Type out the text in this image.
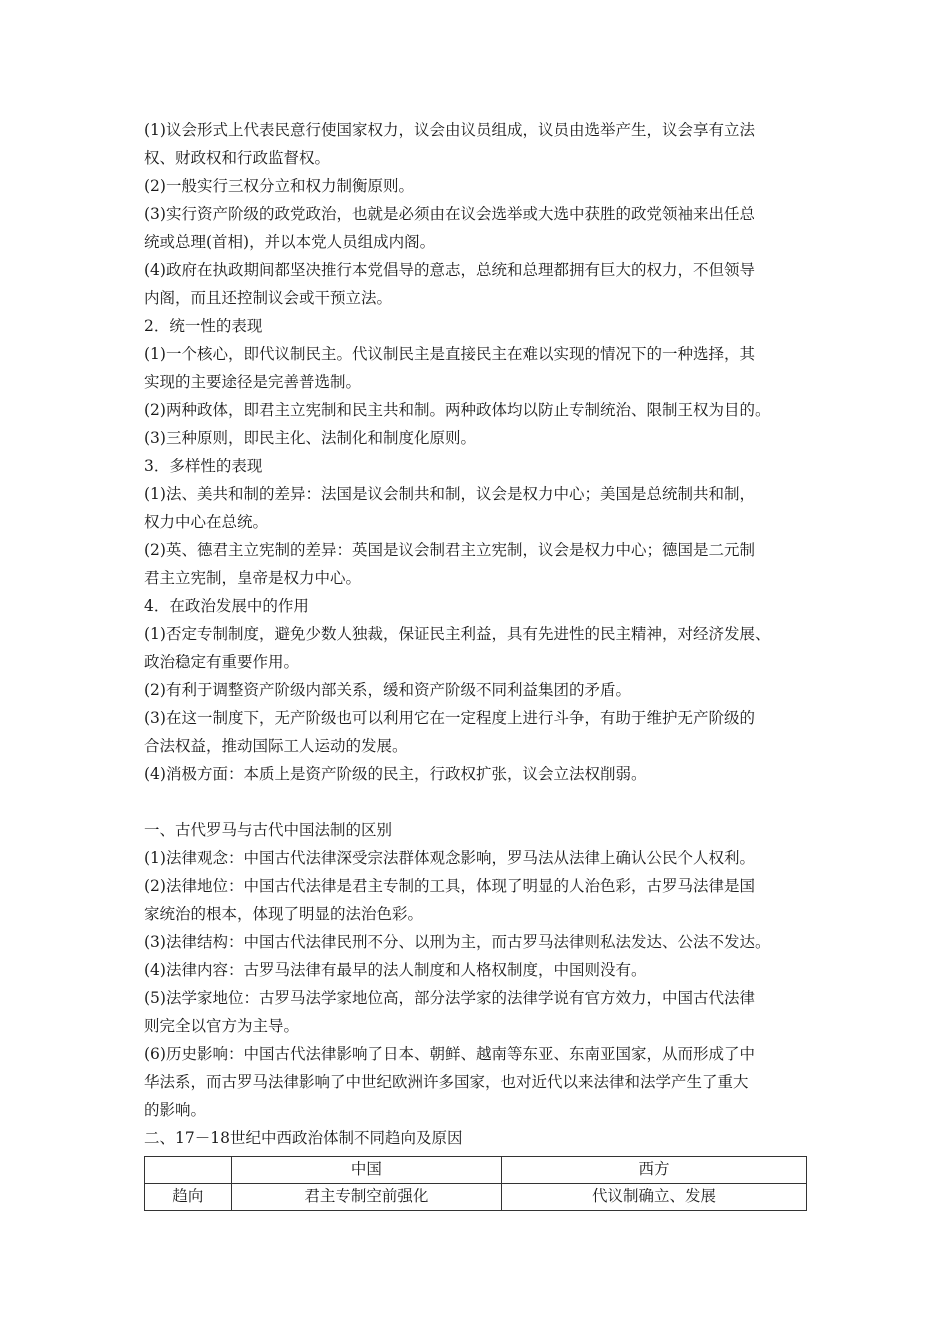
(1)议会形式上代表民意行使国家权力，议会由议员组成，议员由选举产生，议会享有立法
权、财政权和行政监督权。
(2)一般实行三权分立和权力制衡原则。
(3)实行资产阶级的政党政治，也就是必须由在议会选举或大选中获胜的政党领袖来出任总
统或总理(首相)，并以本党人员组成内阁。
(4)政府在执政期间都坚决推行本党倡导的意志，总统和总理都拥有巨大的权力，不但领导
内阁，而且还控制议会或干预立法。
2．统一性的表现
(1)一个核心，即代议制民主。代议制民主是直接民主在难以实现的情况下的一种选择，其
实现的主要途径是完善普选制。
(2)两种政体，即君主立宪制和民主共和制。两种政体均以防止专制统治、限制王权为目的。
(3)三种原则，即民主化、法制化和制度化原则。
3．多样性的表现
(1)法、美共和制的差异：法国是议会制共和制，议会是权力中心；美国是总统制共和制，
权力中心在总统。
(2)英、德君主立宪制的差异：英国是议会制君主立宪制，议会是权力中心；德国是二元制
君主立宪制，皇帝是权力中心。
4．在政治发展中的作用
(1)否定专制制度，避免少数人独裁，保证民主利益，具有先进性的民主精神，对经济发展、
政治稳定有重要作用。
(2)有利于调整资产阶级内部关系，缓和资产阶级不同利益集团的矛盾。
(3)在这一制度下，无产阶级也可以利用它在一定程度上进行斗争，有助于维护无产阶级的
合法权益，推动国际工人运动的发展。
(4)消极方面：本质上是资产阶级的民主，行政权扩张，议会立法权削弱。
一、古代罗马与古代中国法制的区别
(1)法律观念：中国古代法律深受宗法群体观念影响，罗马法从法律上确认公民个人权利。
(2)法律地位：中国古代法律是君主专制的工具，体现了明显的人治色彩，古罗马法律是国
家统治的根本，体现了明显的法治色彩。
(3)法律结构：中国古代法律民刑不分、以刑为主，而古罗马法律则私法发达、公法不发达。
(4)法律内容：古罗马法律有最早的法人制度和人格权制度，中国则没有。
(5)法学家地位：古罗马法学家地位高，部分法学家的法律学说有官方效力，中国古代法律
则完全以官方为主导。
(6)历史影响：中国古代法律影响了日本、朝鲜、越南等东亚、东南亚国家，从而形成了中
华法系，而古罗马法律影响了中世纪欧洲许多国家，也对近代以来法律和法学产生了重大
的影响。
二、17－18世纪中西政治体制不同趋向及原因
	中国	西方
趋向	君主专制空前强化	代议制确立、发展
